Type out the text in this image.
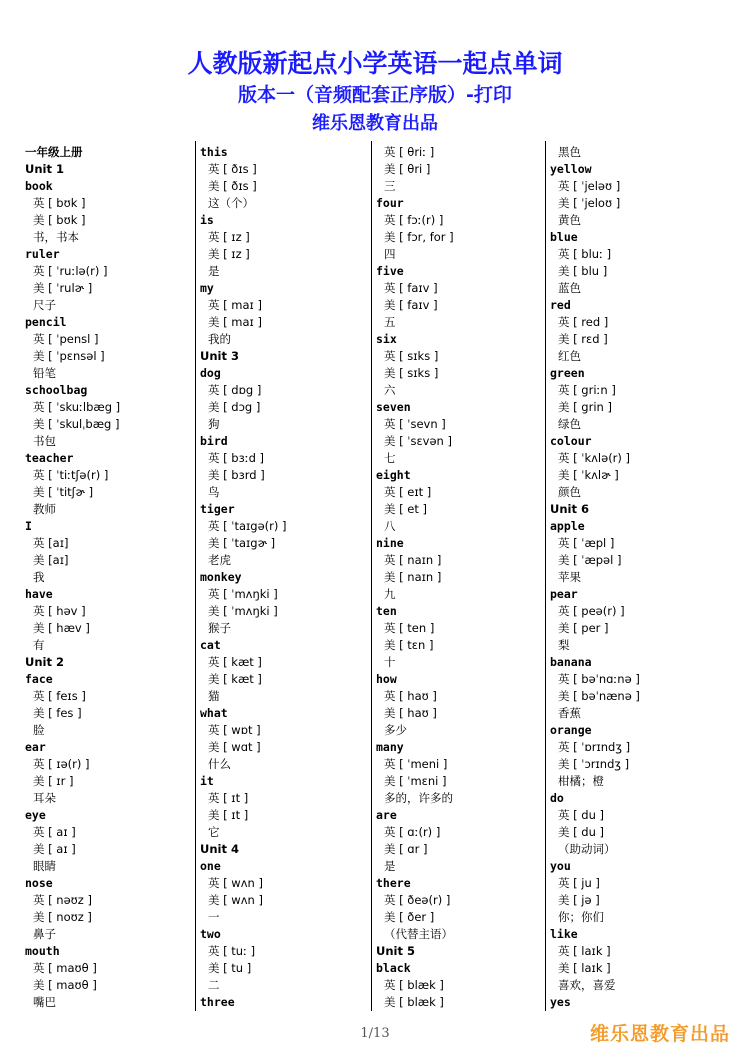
人教版新起点小学英语一起点单词
版本一（音频配套正序版）-打印
维乐恩教育出品
一年级上册
Unit 1
book
英 [ bʊk ]
美 [ bʊk ]
书，书本
ruler
英 [ ˈruːlə(r) ]
美 [ ˈrulɚ ]
尺子
pencil
英 [ ˈpensl ]
美 [ ˈpɛnsəl ]
铅笔
schoolbag
英 [ ˈskuːlbæg ]
美 [ ˈskulˌbæg ]
书包
teacher
英 [ ˈtiːtʃə(r) ]
美 [ ˈtitʃɚ ]
教师
I
英 [aɪ]
美 [aɪ]
我
have
英 [ həv ]
美 [ hæv ]
有
Unit 2
face
英 [ feɪs ]
美 [ fes ]
脸
ear
英 [ ɪə(r) ]
美 [ ɪr ]
耳朵
eye
英 [ aɪ ]
美 [ aɪ ]
眼睛
nose
英 [ nəʊz ]
美 [ noʊz ]
鼻子
mouth
英 [ maʊθ ]
美 [ maʊθ ]
嘴巴
this
英 [ ðɪs ]
美 [ ðɪs ]
这（个）
is
英 [ ɪz ]
美 [ ɪz ]
是
my
英 [ maɪ ]
美 [ maɪ ]
我的
Unit 3
dog
英 [ dɒg ]
美 [ dɔg ]
狗
bird
英 [ bɜːd ]
美 [ bɜrd ]
鸟
tiger
英 [ ˈtaɪgə(r) ]
美 [ ˈtaɪgɚ ]
老虎
monkey
英 [ ˈmʌŋki ]
美 [ ˈmʌŋki ]
猴子
cat
英 [ kæt ]
美 [ kæt ]
猫
what
英 [ wɒt ]
美 [ wɑt ]
什么
it
英 [ ɪt ]
美 [ ɪt ]
它
Unit 4
one
英 [ wʌn ]
美 [ wʌn ]
一
two
英 [ tuː ]
美 [ tu ]
二
three
英 [ θriː ]
美 [ θri ]
三
four
英 [ fɔː(r) ]
美 [ fɔr, for ]
四
five
英 [ faɪv ]
美 [ faɪv ]
五
six
英 [ sɪks ]
美 [ sɪks ]
六
seven
英 [ ˈsevn ]
美 [ ˈsɛvən ]
七
eight
英 [ eɪt ]
美 [ et ]
八
nine
英 [ naɪn ]
美 [ naɪn ]
九
ten
英 [ ten ]
美 [ tɛn ]
十
how
英 [ haʊ ]
美 [ haʊ ]
多少
many
英 [ ˈmeni ]
美 [ ˈmɛni ]
多的，许多的
are
英 [ ɑː(r) ]
美 [ ɑr ]
是
there
英 [ ðeə(r) ]
美 [ ðer ]
（代替主语）
Unit 5
black
英 [ blæk ]
美 [ blæk ]
黑色
yellow
英 [ ˈjeləʊ ]
美 [ ˈjeloʊ ]
黄色
blue
英 [ bluː ]
美 [ blu ]
蓝色
red
英 [ red ]
美 [ rɛd ]
红色
green
英 [ griːn ]
美 [ grin ]
绿色
colour
英 [ ˈkʌlə(r) ]
美 [ ˈkʌlɚ ]
颜色
Unit 6
apple
英 [ ˈæpl ]
美 [ ˈæpəl ]
苹果
pear
英 [ peə(r) ]
美 [ per ]
梨
banana
英 [ bəˈnɑːnə ]
美 [ bəˈnænə ]
香蕉
orange
英 [ ˈɒrɪndʒ ]
美 [ ˈɔrɪndʒ ]
柑橘；橙
do
英 [ du ]
美 [ du ]
（助动词）
you
英 [ ju ]
美 [ jə ]
你；你们
like
英 [ laɪk ]
美 [ laɪk ]
喜欢，喜爱
yes
1/13	维乐恩教育出品
